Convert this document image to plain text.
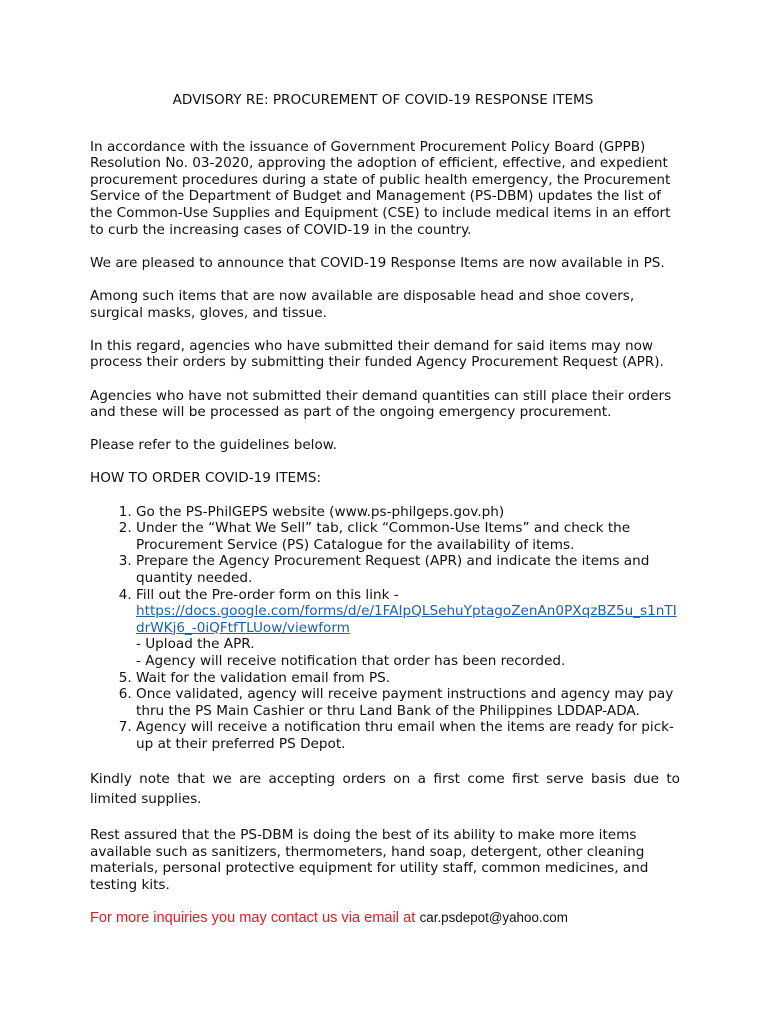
ADVISORY RE: PROCUREMENT OF COVID-19 RESPONSE ITEMS

In accordance with the issuance of Government Procurement Policy Board (GPPB) Resolution No. 03-2020, approving the adoption of efficient, effective, and expedient procurement procedures during a state of public health emergency, the Procurement Service of the Department of Budget and Management (PS-DBM) updates the list of the Common-Use Supplies and Equipment (CSE) to include medical items in an effort to curb the increasing cases of COVID-19 in the country.

We are pleased to announce that COVID-19 Response Items are now available in PS.

Among such items that are now available are disposable head and shoe covers, surgical masks, gloves, and tissue.

In this regard, agencies who have submitted their demand for said items may now process their orders by submitting their funded Agency Procurement Request (APR).

Agencies who have not submitted their demand quantities can still place their orders and these will be processed as part of the ongoing emergency procurement.

Please refer to the guidelines below.

HOW TO ORDER COVID-19 ITEMS:

1. Go the PS-PhilGEPS website (www.ps-philgeps.gov.ph)
2. Under the “What We Sell” tab, click “Common-Use Items” and check the Procurement Service (PS) Catalogue for the availability of items.
3. Prepare the Agency Procurement Request (APR) and indicate the items and quantity needed.
4. Fill out the Pre-order form on this link -
https://docs.google.com/forms/d/e/1FAIpQLSehuYptagoZenAn0PXqzBZ5u_s1nTIdrWKj6_-0iQFtfTLUow/viewform
- Upload the APR.
- Agency will receive notification that order has been recorded.
5. Wait for the validation email from PS.
6. Once validated, agency will receive payment instructions and agency may pay thru the PS Main Cashier or thru Land Bank of the Philippines LDDAP-ADA.
7. Agency will receive a notification thru email when the items are ready for pick-up at their preferred PS Depot.

Kindly note that we are accepting orders on a first come first serve basis due to limited supplies.

Rest assured that the PS-DBM is doing the best of its ability to make more items available such as sanitizers, thermometers, hand soap, detergent, other cleaning materials, personal protective equipment for utility staff, common medicines, and testing kits.

For more inquiries you may contact us via email at car.psdepot@yahoo.com
